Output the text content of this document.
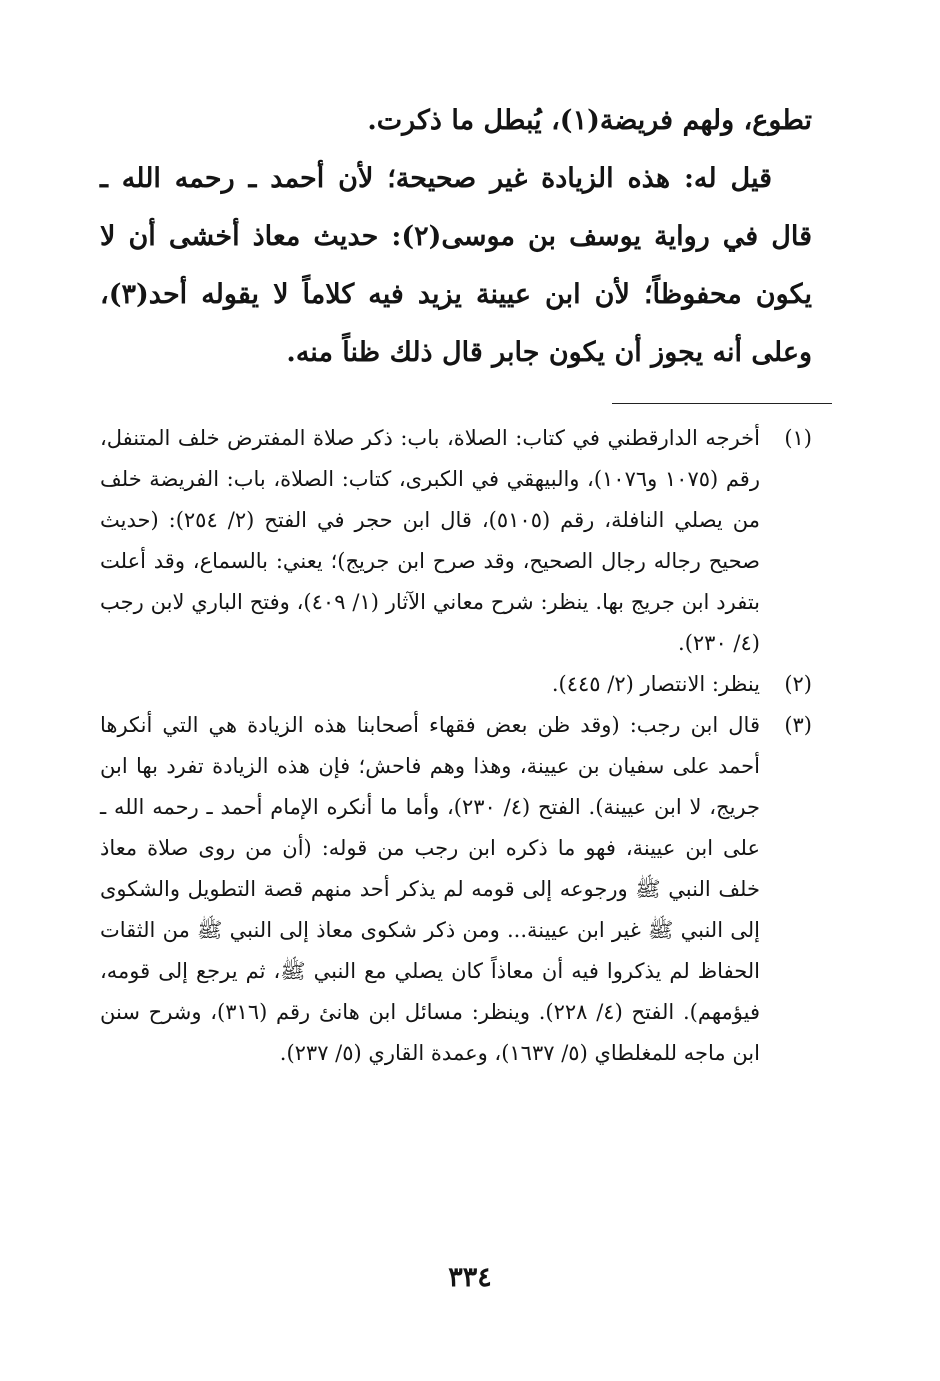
تطوع، ولهم فريضة(١)، يُبطل ما ذكرت.

قيل له: هذه الزيادة غير صحيحة؛ لأن أحمد ـ رحمه الله ـ قال في رواية يوسف بن موسى(٢): حديث معاذ أخشى أن لا يكون محفوظاً؛ لأن ابن عيينة يزيد فيه كلاماً لا يقوله أحد(٣)، وعلى أنه يجوز أن يكون جابر قال ذلك ظناً منه.

(١)
أخرجه الدارقطني في كتاب: الصلاة، باب: ذكر صلاة المفترض خلف المتنفل، رقم (١٠٧٥ و١٠٧٦)، والبيهقي في الكبرى، كتاب: الصلاة، باب: الفريضة خلف من يصلي النافلة، رقم (٥١٠٥)، قال ابن حجر في الفتح (٢/ ٢٥٤): (حديث صحيح رجاله رجال الصحيح، وقد صرح ابن جريج)؛ يعني: بالسماع، وقد أعلت بتفرد ابن جريج بها. ينظر: شرح معاني الآثار (١/ ٤٠٩)، وفتح الباري لابن رجب (٤/ ٢٣٠).
(٢)
ينظر: الانتصار (٢/ ٤٤٥).
(٣)
قال ابن رجب: (وقد ظن بعض فقهاء أصحابنا هذه الزيادة هي التي أنكرها أحمد على سفيان بن عيينة، وهذا وهم فاحش؛ فإن هذه الزيادة تفرد بها ابن جريج، لا ابن عيينة). الفتح (٤/ ٢٣٠)، وأما ما أنكره الإمام أحمد ـ رحمه الله ـ على ابن عيينة، فهو ما ذكره ابن رجب من قوله: (أن من روى صلاة معاذ خلف النبي ﷺ ورجوعه إلى قومه لم يذكر أحد منهم قصة التطويل والشكوى إلى النبي ﷺ غير ابن عيينة... ومن ذكر شكوى معاذ إلى النبي ﷺ من الثقات الحفاظ لم يذكروا فيه أن معاذاً كان يصلي مع النبي ﷺ، ثم يرجع إلى قومه، فيؤمهم). الفتح (٤/ ٢٢٨). وينظر: مسائل ابن هانئ رقم (٣١٦)، وشرح سنن ابن ماجه للمغلطاي (٥/ ١٦٣٧)، وعمدة القاري (٥/ ٢٣٧).
٣٣٤
